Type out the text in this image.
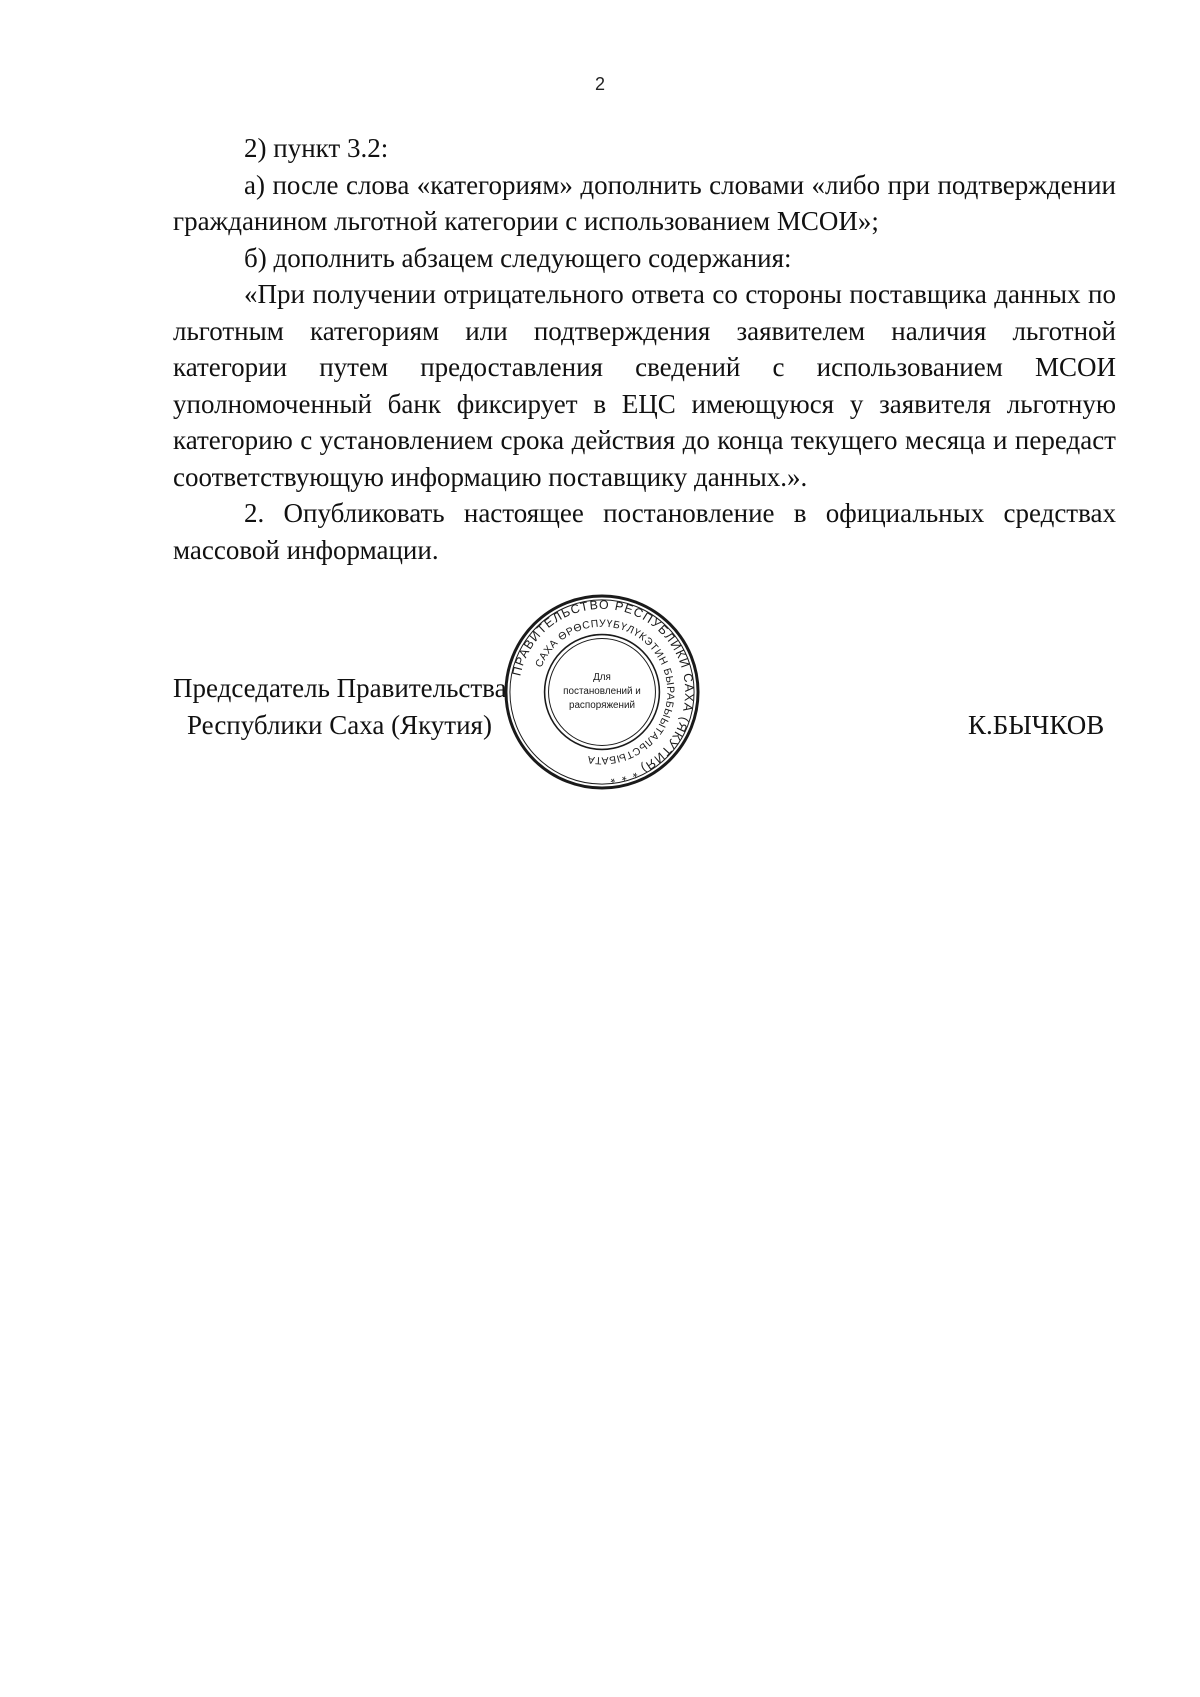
2

2) пункт 3.2:

а) после слова «категориям» дополнить словами «либо при подтверждении гражданином льготной категории с использованием МСОИ»;

б) дополнить абзацем следующего содержания:

«При получении отрицательного ответа со стороны поставщика данных по льготным категориям или подтверждения заявителем наличия льготной категории путем предоставления сведений с использованием МСОИ уполномоченный банк фиксирует в ЕЦС имеющуюся у заявителя льготную категорию с установлением срока действия до конца текущего месяца и передаст соответствующую информацию поставщику данных.».

2. Опубликовать настоящее постановление в официальных средствах массовой информации.

Председатель Правительства
Республики Саха (Якутия)	К.БЫЧКОВ
ПРАВИТЕЛЬСТВО РЕСПУБЛИКИ САХА (ЯКУТИЯ) * * *
САХА ӨРӨСПУҮБҮЛҮКЭТИН БЫРАБЫЫТАЛЬСТЫБАТА
Для
постановлений и
распоряжений
